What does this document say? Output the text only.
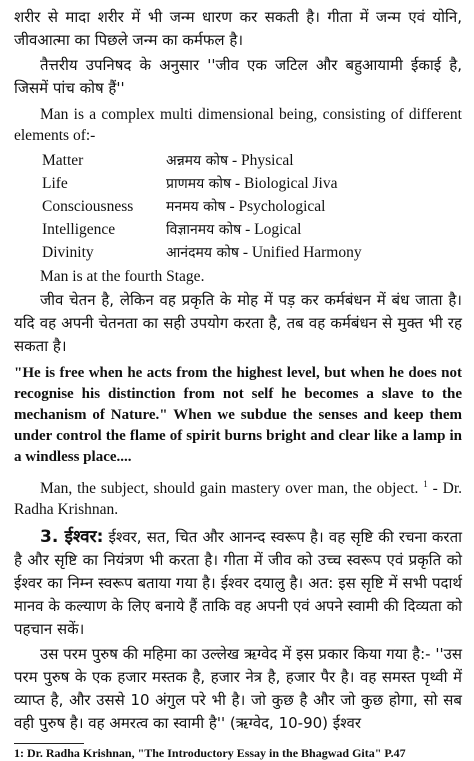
शरीर से मादा शरीर में भी जन्म धारण कर सकती है। गीता में जन्म एवं योनि, जीवआत्मा का पिछले जन्म का कर्मफल है।

तैत्तरीय उपनिषद के अनुसार ''जीव एक जटिल और बहुआयामी ईकाई है, जिसमें पांच कोष हैं''

Man is a complex multi dimensional being, consisting of different elements of:-

Matter	अन्नमय कोष - Physical
Life	प्राणमय कोष - Biological Jiva
Consciousness	मनमय कोष - Psychological
Intelligence	विज्ञानमय कोष - Logical
Divinity	आनंदमय कोष - Unified Harmony

Man is at the fourth Stage.

जीव चेतन है, लेकिन वह प्रकृति के मोह में पड़ कर कर्मबंधन में बंध जाता है। यदि वह अपनी चेतनता का सही उपयोग करता है, तब वह कर्मबंधन से मुक्त भी रह सकता है।

"He is free when he acts from the highest level, but when he does not recognise his distinction from not self he becomes a slave to the mechanism of Nature." When we subdue the senses and keep them under control the flame of spirit burns bright and clear like a lamp in a windless place....

Man, the subject, should gain mastery over man, the object. $^1$ - Dr. Radha Krishnan.

3. ईश्वर: ईश्वर, सत, चित और आनन्द स्वरूप है। वह सृष्टि की रचना करता है और सृष्टि का नियंत्रण भी करता है। गीता में जीव को उच्च स्वरूप एवं प्रकृति को ईश्वर का निम्न स्वरूप बताया गया है। ईश्वर दयालु है। अत: इस सृष्टि में सभी पदार्थ मानव के कल्याण के लिए बनाये हैं ताकि वह अपनी एवं अपने स्वामी की दिव्यता को पहचान सकें।

उस परम पुरुष की महिमा का उल्लेख ऋग्वेद में इस प्रकार किया गया है:- ''उस परम पुरुष के एक हजार मस्तक है, हजार नेत्र है, हजार पैर है। वह समस्त पृथ्वी में व्याप्त है, और उससे 10 अंगुल परे भी है। जो कुछ है और जो कुछ होगा, सो सब वही पुरुष है। वह अमरत्व का स्वामी है'' (ऋग्वेद, 10-90) ईश्वर

1: Dr. Radha Krishnan, "The Introductory Essay in the Bhagwad Gita" P.47
